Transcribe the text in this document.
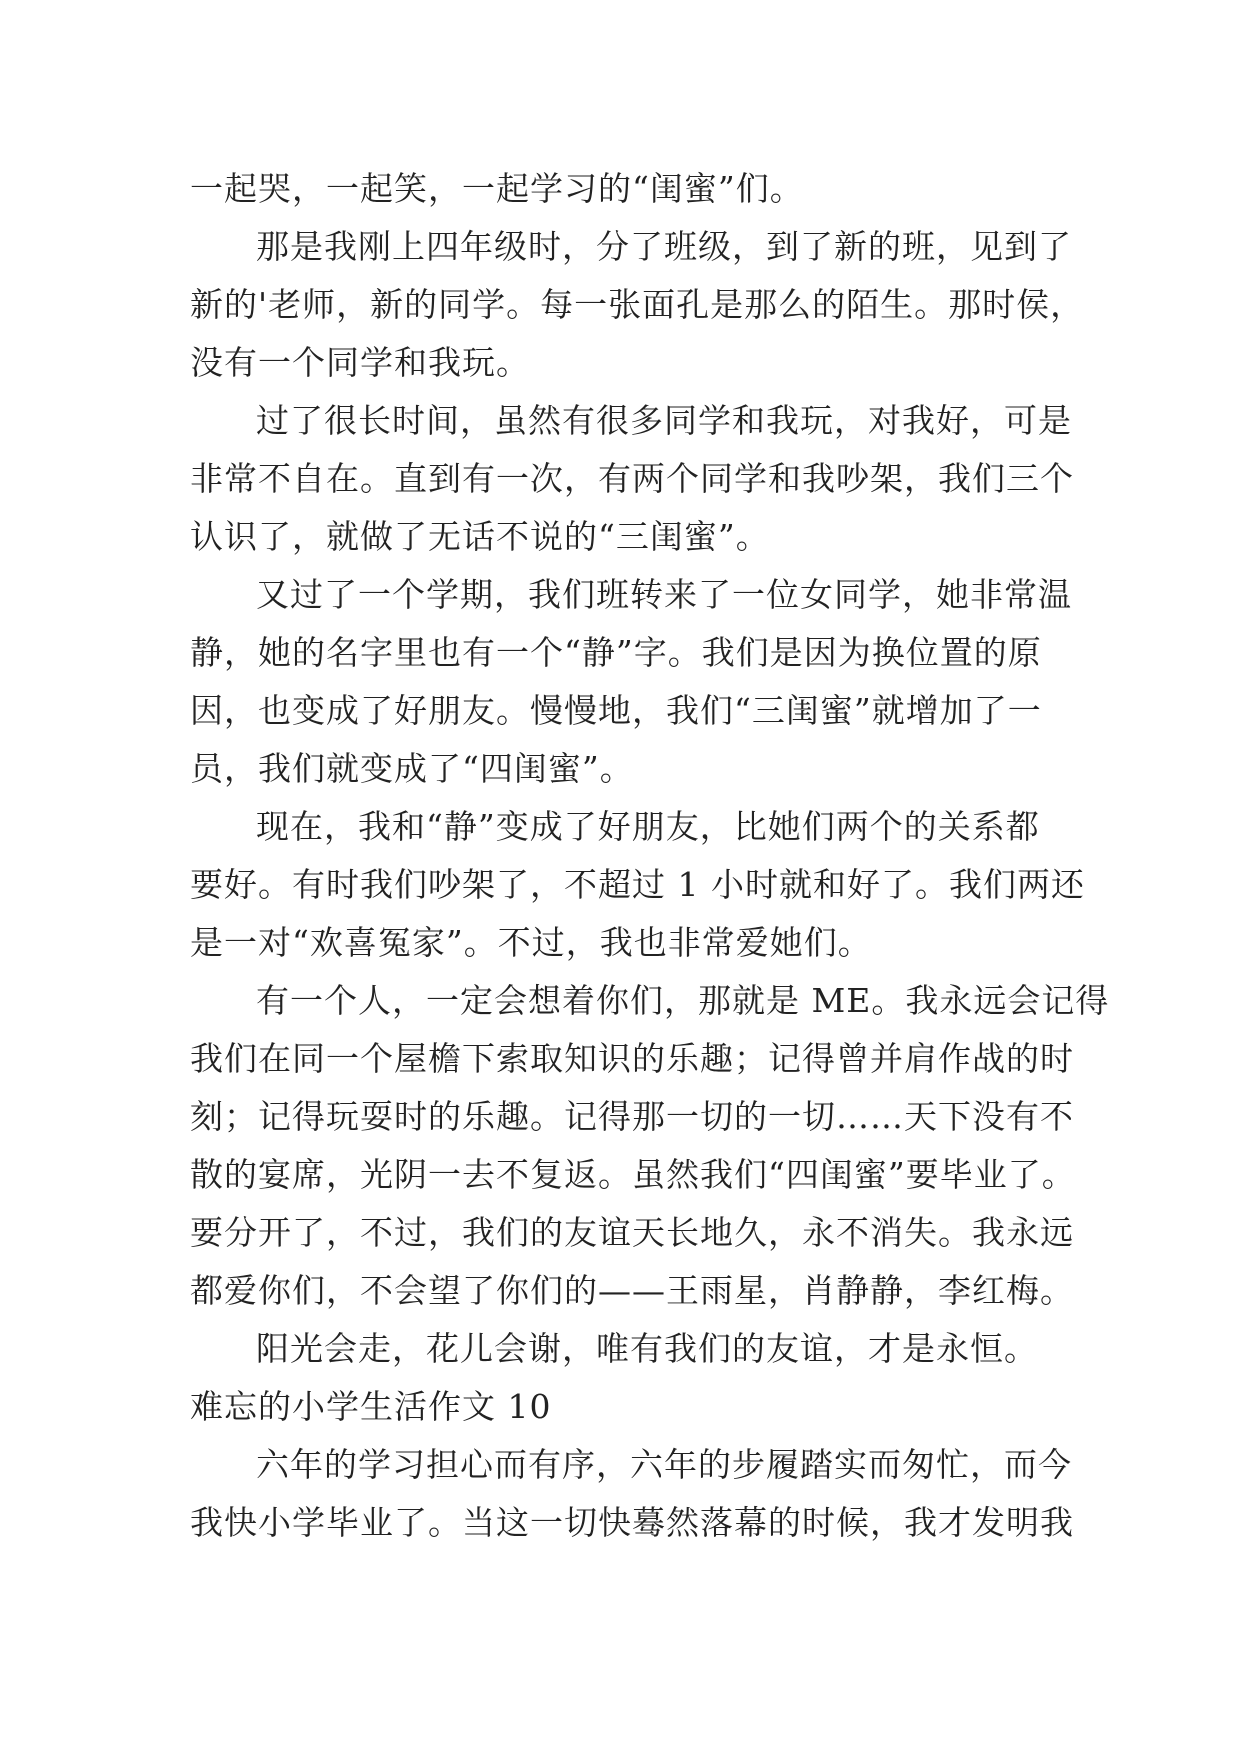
一起哭，一起笑，一起学习的“闺蜜”们。
那是我刚上四年级时，分了班级，到了新的班，见到了
新的'老师，新的同学。每一张面孔是那么的陌生。那时侯，
没有一个同学和我玩。
过了很长时间，虽然有很多同学和我玩，对我好，可是
非常不自在。直到有一次，有两个同学和我吵架，我们三个
认识了，就做了无话不说的“三闺蜜”。
又过了一个学期，我们班转来了一位女同学，她非常温
静，她的名字里也有一个“静”字。我们是因为换位置的原
因，也变成了好朋友。慢慢地，我们“三闺蜜”就增加了一
员，我们就变成了“四闺蜜”。
现在，我和“静”变成了好朋友，比她们两个的关系都
要好。有时我们吵架了，不超过 1 小时就和好了。我们两还
是一对“欢喜冤家”。不过，我也非常爱她们。
有一个人，一定会想着你们，那就是 ME。我永远会记得
我们在同一个屋檐下索取知识的乐趣；记得曾并肩作战的时
刻；记得玩耍时的乐趣。记得那一切的一切……天下没有不
散的宴席，光阴一去不复返。虽然我们“四闺蜜”要毕业了。
要分开了，不过，我们的友谊天长地久，永不消失。我永远
都爱你们，不会望了你们的——王雨星，肖静静，李红梅。
阳光会走，花儿会谢，唯有我们的友谊，才是永恒。
难忘的小学生活作文 10
六年的学习担心而有序，六年的步履踏实而匆忙，而今
我快小学毕业了。当这一切快蓦然落幕的时候，我才发明我
